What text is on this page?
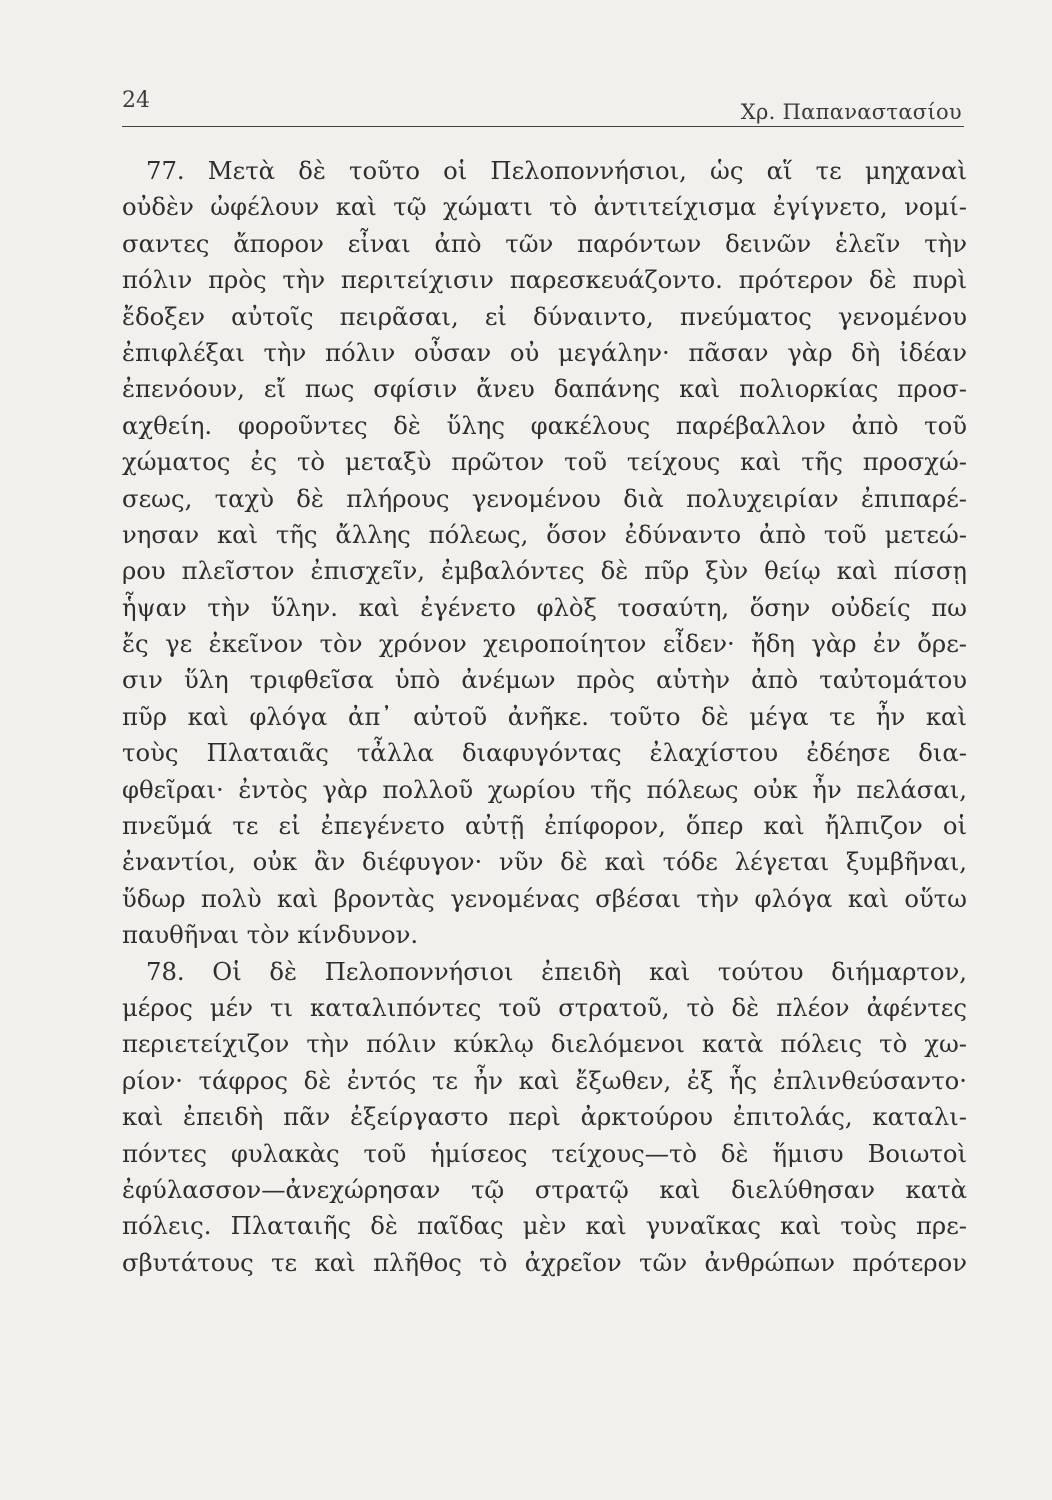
24	Χρ. Παπαναστασίου
77. Μετὰ δὲ τοῦτο οἱ Πελοποννήσιοι, ὡς αἵ τε μηχαναὶ
οὐδὲν ὠφέλουν καὶ τῷ χώματι τὸ ἀντιτείχισμα ἐγίγνετο, νομί-
σαντες ἄπορον εἶναι ἀπὸ τῶν παρόντων δεινῶν ἑλεῖν τὴν
πόλιν πρὸς τὴν περιτείχισιν παρεσκευάζοντο. πρότερον δὲ πυρὶ
ἔδοξεν αὐτοῖς πειρᾶσαι, εἰ δύναιντο, πνεύματος γενομένου
ἐπιφλέξαι τὴν πόλιν οὖσαν οὐ μεγάλην· πᾶσαν γὰρ δὴ ἰδέαν
ἐπενόουν, εἴ πως σφίσιν ἄνευ δαπάνης καὶ πολιορκίας προσ-
αχθείη. φοροῦντες δὲ ὕλης φακέλους παρέβαλλον ἀπὸ τοῦ
χώματος ἐς τὸ μεταξὺ πρῶτον τοῦ τείχους καὶ τῆς προσχώ-
σεως, ταχὺ δὲ πλήρους γενομένου διὰ πολυχειρίαν ἐπιπαρέ-
νησαν καὶ τῆς ἄλλης πόλεως, ὅσον ἐδύναντο ἀπὸ τοῦ μετεώ-
ρου πλεῖστον ἐπισχεῖν, ἐμβαλόντες δὲ πῦρ ξὺν θείῳ καὶ πίσσῃ
ἧψαν τὴν ὕλην. καὶ ἐγένετο φλὸξ τοσαύτη, ὅσην οὐδείς πω
ἔς γε ἐκεῖνον τὸν χρόνον χειροποίητον εἶδεν· ἤδη γὰρ ἐν ὄρε-
σιν ὕλη τριφθεῖσα ὑπὸ ἀνέμων πρὸς αὑτὴν ἀπὸ ταὐτομάτου
πῦρ καὶ φλόγα ἀπ᾿ αὐτοῦ ἀνῆκε. τοῦτο δὲ μέγα τε ἦν καὶ
τοὺς Πλαταιᾶς τἆλλα διαφυγόντας ἐλαχίστου ἐδέησε δια-
φθεῖραι· ἐντὸς γὰρ πολλοῦ χωρίου τῆς πόλεως οὐκ ἦν πελάσαι,
πνεῦμά τε εἰ ἐπεγένετο αὐτῇ ἐπίφορον, ὅπερ καὶ ἤλπιζον οἱ
ἐναντίοι, οὐκ ἂν διέφυγον· νῦν δὲ καὶ τόδε λέγεται ξυμβῆναι,
ὕδωρ πολὺ καὶ βροντὰς γενομένας σβέσαι τὴν φλόγα καὶ οὕτω
παυθῆναι τὸν κίνδυνον.
78. Οἱ δὲ Πελοποννήσιοι ἐπειδὴ καὶ τούτου διήμαρτον,
μέρος μέν τι καταλιπόντες τοῦ στρατοῦ, τὸ δὲ πλέον ἀφέντες
περιετείχιζον τὴν πόλιν κύκλῳ διελόμενοι κατὰ πόλεις τὸ χω-
ρίον· τάφρος δὲ ἐντός τε ἦν καὶ ἔξωθεν, ἐξ ἧς ἐπλινθεύσαντο·
καὶ ἐπειδὴ πᾶν ἐξείργαστο περὶ ἀρκτούρου ἐπιτολάς, καταλι-
πόντες φυλακὰς τοῦ ἡμίσεος τείχους—τὸ δὲ ἥμισυ Βοιωτοὶ
ἐφύλασσον—ἀνεχώρησαν τῷ στρατῷ καὶ διελύθησαν κατὰ
πόλεις. Πλαταιῆς δὲ παῖδας μὲν καὶ γυναῖκας καὶ τοὺς πρε-
σβυτάτους τε καὶ πλῆθος τὸ ἀχρεῖον τῶν ἀνθρώπων πρότερον
